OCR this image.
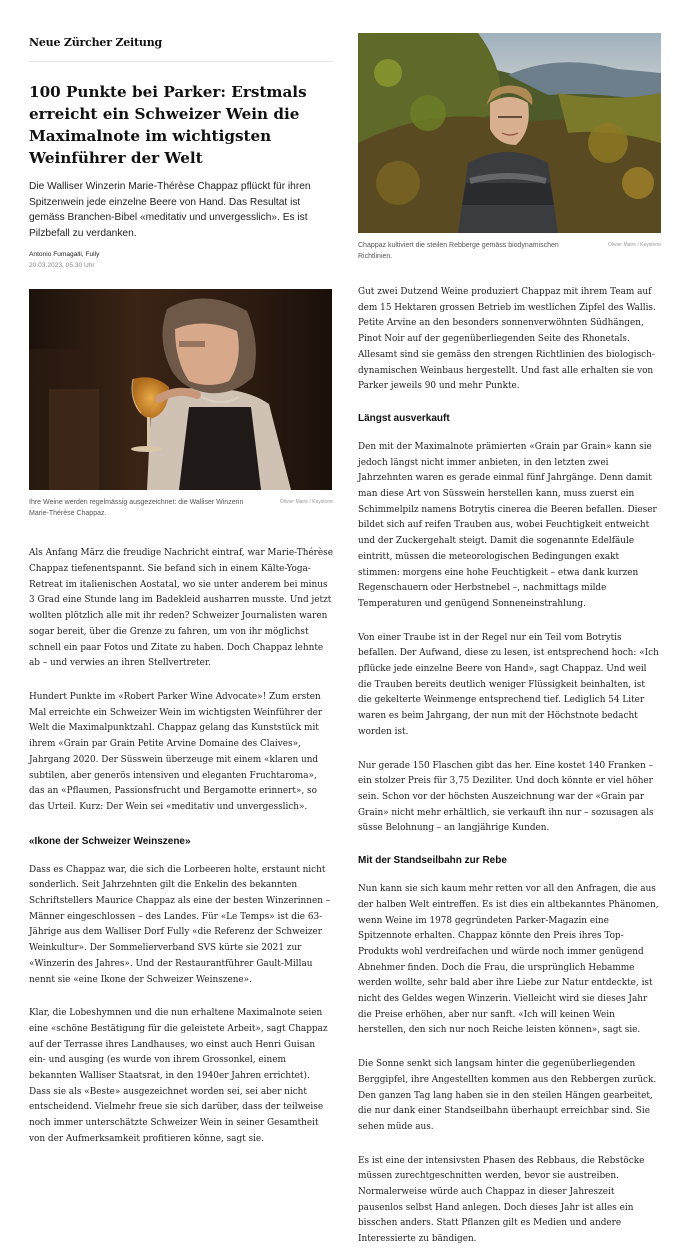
Neue Zürcher Zeitung
100 Punkte bei Parker: Erstmals erreicht ein Schweizer Wein die Maximalnote im wichtigsten Weinführer der Welt

Die Walliser Winzerin Marie-Thérèse Chappaz pflückt für ihren Spitzenwein jede einzelne Beere von Hand. Das Resultat ist gemäss Branchen-Bibel «meditativ und unvergesslich». Es ist Pilzbefall zu verdanken.

Antonio Fumagalli, Fully
20.03.2023, 05.30 Uhr

Ihre Weine werden regelmässig ausgezeichnet: die Walliser Winzerin Marie-Thérèse Chappaz.

Olivier Maire / Keystone

Als Anfang März die freudige Nachricht eintraf, war Marie-Thérèse Chappaz tiefenentspannt. Sie befand sich in einem Kälte-Yoga-Retreat im italienischen Aostatal, wo sie unter anderem bei minus 3 Grad eine Stunde lang im Badekleid ausharren musste. Und jetzt wollten plötzlich alle mit ihr reden? Schweizer Journalisten waren sogar bereit, über die Grenze zu fahren, um von ihr möglichst schnell ein paar Fotos und Zitate zu haben. Doch Chappaz lehnte ab – und verwies an ihren Stellvertreter.

Hundert Punkte im «Robert Parker Wine Advocate»! Zum ersten Mal erreichte ein Schweizer Wein im wichtigsten Weinführer der Welt die Maximalpunktzahl. Chappaz gelang das Kunststück mit ihrem «Grain par Grain Petite Arvine Domaine des Claives», Jahrgang 2020. Der Süsswein überzeuge mit einem «klaren und subtilen, aber generös intensiven und eleganten Fruchtaroma», das an «Pflaumen, Passionsfrucht und Bergamotte erinnert», so das Urteil. Kurz: Der Wein sei «meditativ und unvergesslich».

«Ikone der Schweizer Weinszene»

Dass es Chappaz war, die sich die Lorbeeren holte, erstaunt nicht sonderlich. Seit Jahrzehnten gilt die Enkelin des bekannten Schriftstellers Maurice Chappaz als eine der besten Winzerinnen – Männer eingeschlossen – des Landes. Für «Le Temps» ist die 63-Jährige aus dem Walliser Dorf Fully «die Referenz der Schweizer Weinkultur». Der Sommelierverband SVS kürte sie 2021 zur «Winzerin des Jahres». Und der Restaurantführer Gault-Millau nennt sie «eine Ikone der Schweizer Weinszene».

Klar, die Lobeshymnen und die nun erhaltene Maximalnote seien eine «schöne Bestätigung für die geleistete Arbeit», sagt Chappaz auf der Terrasse ihres Landhauses, wo einst auch Henri Guisan ein- und ausging (es wurde von ihrem Grossonkel, einem bekannten Walliser Staatsrat, in den 1940er Jahren errichtet). Dass sie als «Beste» ausgezeichnet worden sei, sei aber nicht entscheidend. Vielmehr freue sie sich darüber, dass der teilweise noch immer unterschätzte Schweizer Wein in seiner Gesamtheit von der Aufmerksamkeit profitieren könne, sagt sie.

Chappaz kultiviert die steilen Rebberge gemäss biodynamischen Richtlinien.

Olivier Maire / Keystone

Gut zwei Dutzend Weine produziert Chappaz mit ihrem Team auf dem 15 Hektaren grossen Betrieb im westlichen Zipfel des Wallis. Petite Arvine an den besonders sonnenverwöhnten Südhängen, Pinot Noir auf der gegenüberliegenden Seite des Rhonetals. Allesamt sind sie gemäss den strengen Richtlinien des biologisch-dynamischen Weinbaus hergestellt. Und fast alle erhalten sie von Parker jeweils 90 und mehr Punkte.

Längst ausverkauft

Den mit der Maximalnote prämierten «Grain par Grain» kann sie jedoch längst nicht immer anbieten, in den letzten zwei Jahrzehnten waren es gerade einmal fünf Jahrgänge. Denn damit man diese Art von Süsswein herstellen kann, muss zuerst ein Schimmelpilz namens Botrytis cinerea die Beeren befallen. Dieser bildet sich auf reifen Trauben aus, wobei Feuchtigkeit entweicht und der Zuckergehalt steigt. Damit die sogenannte Edelfäule eintritt, müssen die meteorologischen Bedingungen exakt stimmen: morgens eine hohe Feuchtigkeit – etwa dank kurzen Regenschauern oder Herbstnebel –, nachmittags milde Temperaturen und genügend Sonneneinstrahlung.

Von einer Traube ist in der Regel nur ein Teil vom Botrytis befallen. Der Aufwand, diese zu lesen, ist entsprechend hoch: «Ich pflücke jede einzelne Beere von Hand», sagt Chappaz. Und weil die Trauben bereits deutlich weniger Flüssigkeit beinhalten, ist die gekelterte Weinmenge entsprechend tief. Lediglich 54 Liter waren es beim Jahrgang, der nun mit der Höchstnote bedacht worden ist.

Nur gerade 150 Flaschen gibt das her. Eine kostet 140 Franken – ein stolzer Preis für 3,75 Deziliter. Und doch könnte er viel höher sein. Schon vor der höchsten Auszeichnung war der «Grain par Grain» nicht mehr erhältlich, sie verkauft ihn nur – sozusagen als süsse Belohnung – an langjährige Kunden.

Mit der Standseilbahn zur Rebe

Nun kann sie sich kaum mehr retten vor all den Anfragen, die aus der halben Welt eintreffen. Es ist dies ein altbekanntes Phänomen, wenn Weine im 1978 gegründeten Parker-Magazin eine Spitzennote erhalten. Chappaz könnte den Preis ihres Top-Produkts wohl verdreifachen und würde noch immer genügend Abnehmer finden. Doch die Frau, die ursprünglich Hebamme werden wollte, sehr bald aber ihre Liebe zur Natur entdeckte, ist nicht des Geldes wegen Winzerin. Vielleicht wird sie dieses Jahr die Preise erhöhen, aber nur sanft. «Ich will keinen Wein herstellen, den sich nur noch Reiche leisten können», sagt sie.

Die Sonne senkt sich langsam hinter die gegenüberliegenden Berggipfel, ihre Angestellten kommen aus den Rebbergen zurück. Den ganzen Tag lang haben sie in den steilen Hängen gearbeitet, die nur dank einer Standseilbahn überhaupt erreichbar sind. Sie sehen müde aus.

Es ist eine der intensivsten Phasen des Rebbaus, die Rebstöcke müssen zurechtgeschnitten werden, bevor sie austreiben. Normalerweise würde auch Chappaz in dieser Jahreszeit pausenlos selbst Hand anlegen. Doch dieses Jahr ist alles ein bisschen anders. Statt Pflanzen gilt es Medien und andere Interessierte zu bändigen.
